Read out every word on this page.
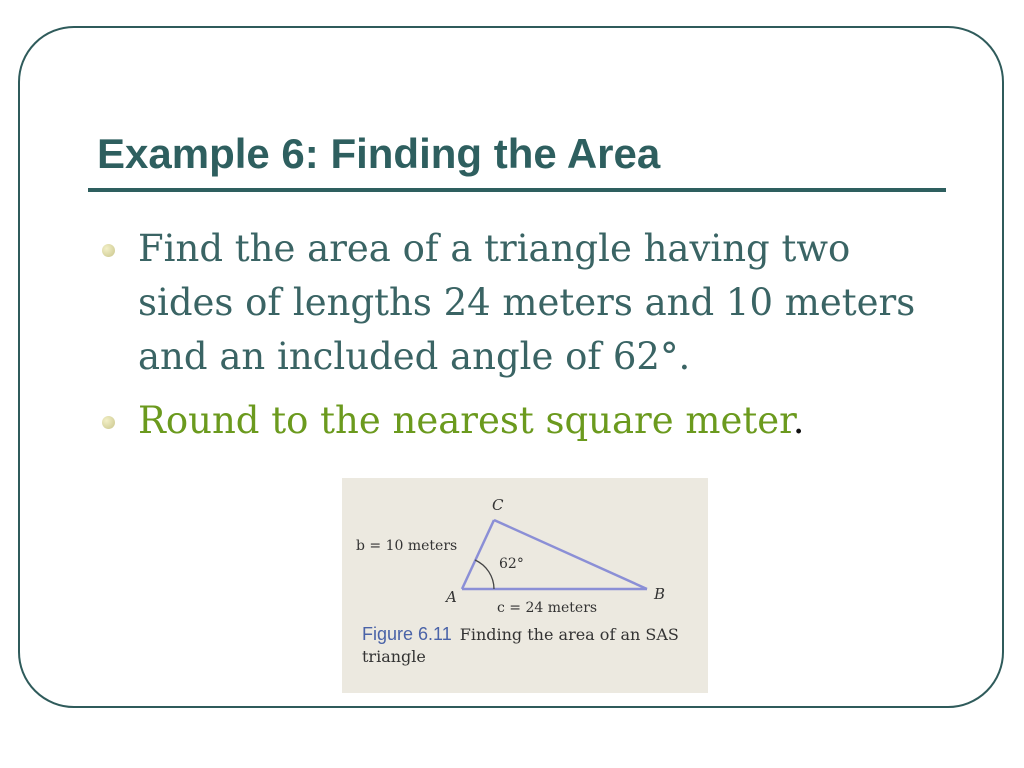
Example 6: Finding the Area
Find the area of a triangle having two sides of lengths 24 meters and 10 meters and an included angle of 62°.
Round to the nearest square meter.
C
A	B
b = 10 meters
c = 24 meters
62°
Figure 6.11 Finding the area of an SAS triangle
